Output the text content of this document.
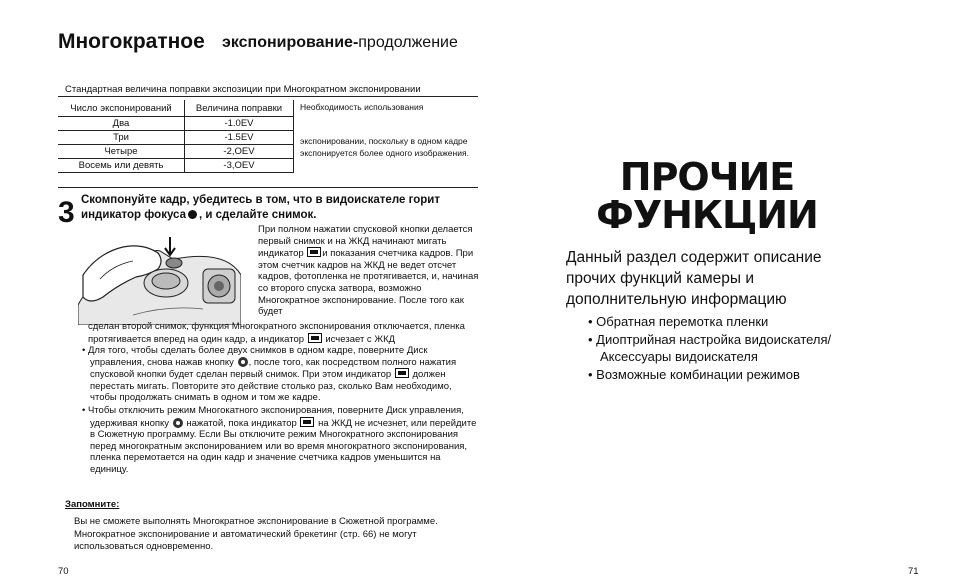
Многократное экспонирование-продолжение
Стандартная величина поправки экспозиции при Многократном экспонировании
Число экспонирований	Величина поправки
Два	-1.0EV
Три	-1.5EV
Четыре	-2,OEV
Восемь или девять	-3,OEV
Необходимость использования
экспонировании, поскольку в одном кадре экспонируется более одного изображения.
3 Скомпонуйте кадр, убедитесь в том, что в видоискателе горит индикатор фокуса , и сделайте снимок.
При полном нажатии спусковой кнопки делается первый снимок и на ЖКД начинают мигать индикатор и показания счетчика кадров. При этом счетчик кадров на ЖКД не ведет отсчет кадров, фотопленка не протягивается, и, начиная со второго спуска затвора, возможно Многократное экспонирование. После того как будет
сделан второй снимок, функция Многократного экспонирования отключается, пленка протягивается вперед на один кадр, а индикатор исчезает с ЖКД

• Для того, чтобы сделать более двух снимков в одном кадре, поверните Диск управления, снова нажав кнопку , после того, как посредством полного нажатия спусковой кнопки будет сделан первый снимок. При этом индикатор должен перестать мигать. Повторите это действие столько раз, сколько Вам необходимо, чтобы продолжать снимать в одном и том же кадре.

• Чтобы отключить режим Многокатного экспонирования, поверните Диск управления, удерживая кнопку нажатой, пока индикатор на ЖКД не исчезнет, или перейдите в Сюжетную программу. Если Вы отключите режим Многократного экспонирования перед многократным экспонированием или во время многократного экспонирования, пленка перемотается на один кадр и значение счетчика кадров уменьшится на единицу.

Запомните:
Вы не сможете выполнять Многократное экспонирование в Сюжетной программе. Многократное экспонирование и автоматический брекетинг (стр. 66) не могут использоваться одновременно.
70	71
ПРОЧИЕ
ФУНКЦИИ
Данный раздел содержит описание прочих функций камеры и дополнительную информацию

• Обратная перемотка пленки

• Диоптрийная настройка видоискателя/Аксессуары видоискателя

• Возможные комбинации режимов
